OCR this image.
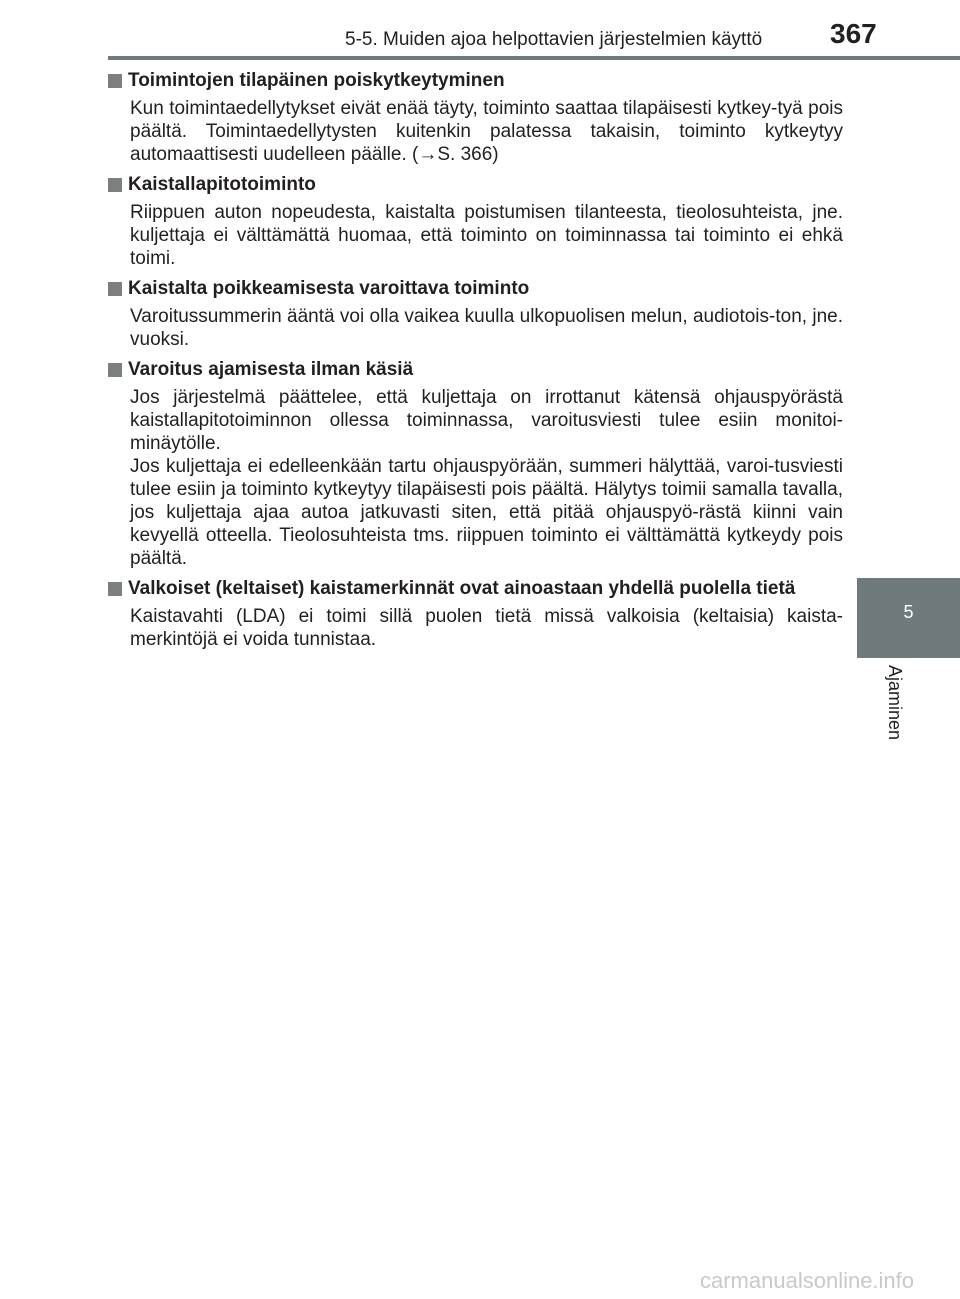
5-5. Muiden ajoa helpottavien järjestelmien käyttö 367
5
Ajaminen
Toimintojen tilapäinen poiskytkeytyminen
Kun toimintaedellytykset eivät enää täyty, toiminto saattaa tilapäisesti kytkey-tyä pois päältä. Toimintaedellytysten kuitenkin palatessa takaisin, toiminto kytkeytyy automaattisesti uudelleen päälle. (→S. 366)
Kaistallapitotoiminto
Riippuen auton nopeudesta, kaistalta poistumisen tilanteesta, tieolosuhteista, jne. kuljettaja ei välttämättä huomaa, että toiminto on toiminnassa tai toiminto ei ehkä toimi.
Kaistalta poikkeamisesta varoittava toiminto
Varoitussummerin ääntä voi olla vaikea kuulla ulkopuolisen melun, audiotois-ton, jne. vuoksi.
Varoitus ajamisesta ilman käsiä
Jos järjestelmä päättelee, että kuljettaja on irrottanut kätensä ohjauspyörästä kaistallapitotoiminnon ollessa toiminnassa, varoitusviesti tulee esiin monitoi-minäytölle.
Jos kuljettaja ei edelleenkään tartu ohjauspyörään, summeri hälyttää, varoi-tusviesti tulee esiin ja toiminto kytkeytyy tilapäisesti pois päältä. Hälytys toimii samalla tavalla, jos kuljettaja ajaa autoa jatkuvasti siten, että pitää ohjauspyö-rästä kiinni vain kevyellä otteella. Tieolosuhteista tms. riippuen toiminto ei välttämättä kytkeydy pois päältä.
Valkoiset (keltaiset) kaistamerkinnät ovat ainoastaan yhdellä puolella tietä
Kaistavahti (LDA) ei toimi sillä puolen tietä missä valkoisia (keltaisia) kaista-merkintöjä ei voida tunnistaa.
carmanualsonline.info
